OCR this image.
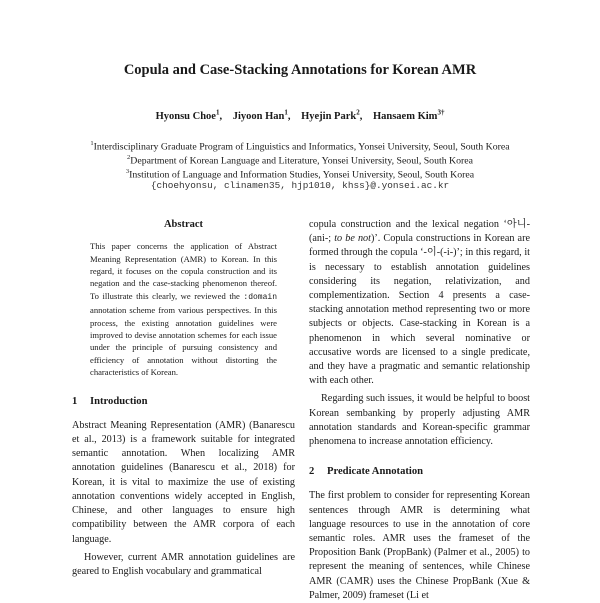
Copula and Case-Stacking Annotations for Korean AMR
Hyonsu Choe$^1$, Jiyoon Han$^1$, Hyejin Park$^2$, Hansaem Kim$^{3\dagger}$
$^1$Interdisciplinary Graduate Program of Linguistics and Informatics, Yonsei University, Seoul, South Korea
$^2$Department of Korean Language and Literature, Yonsei University, Seoul, South Korea
$^3$Institution of Language and Information Studies, Yonsei University, Seoul, South Korea
{choehyonsu, clinamen35, hjp1010, khss}@.yonsei.ac.kr
Abstract
This paper concerns the application of Abstract Meaning Representation (AMR) to Korean. In this regard, it focuses on the copula construction and its negation and the case-stacking phenomenon thereof. To illustrate this clearly, we reviewed the :domain annotation scheme from various perspectives. In this process, the existing annotation guidelines were improved to devise annotation schemes for each issue under the principle of pursuing consistency and efficiency of annotation without distorting the characteristics of Korean.
1 Introduction

Abstract Meaning Representation (AMR) (Banarescu et al., 2013) is a framework suitable for integrated semantic annotation. When localizing AMR annotation guidelines (Banarescu et al., 2018) for Korean, it is vital to maximize the use of existing annotation conventions widely accepted in English, Chinese, and other languages to ensure high compatibility between the AMR corpora of each language.

However, current AMR annotation guidelines are geared to English vocabulary and grammatical

copula construction and the lexical negation ‘아니-(ani-; to be not)’. Copula constructions in Korean are formed through the copula ‘-이-(-i-)’; in this regard, it is necessary to establish annotation guidelines considering its negation, relativization, and complementization. Section 4 presents a case-stacking annotation method representing two or more subjects or objects. Case-stacking in Korean is a phenomenon in which several nominative or accusative words are licensed to a single predicate, and they have a pragmatic and semantic relationship with each other.

Regarding such issues, it would be helpful to boost Korean sembanking by properly adjusting AMR annotation standards and Korean-specific grammar phenomena to increase annotation efficiency.

2 Predicate Annotation

The first problem to consider for representing Korean sentences through AMR is determining what language resources to use in the annotation of core semantic roles. AMR uses the frameset of the Proposition Bank (PropBank) (Palmer et al., 2005) to represent the meaning of sentences, while Chinese AMR (CAMR) uses the Chinese PropBank (Xue & Palmer, 2009) frameset (Li et
